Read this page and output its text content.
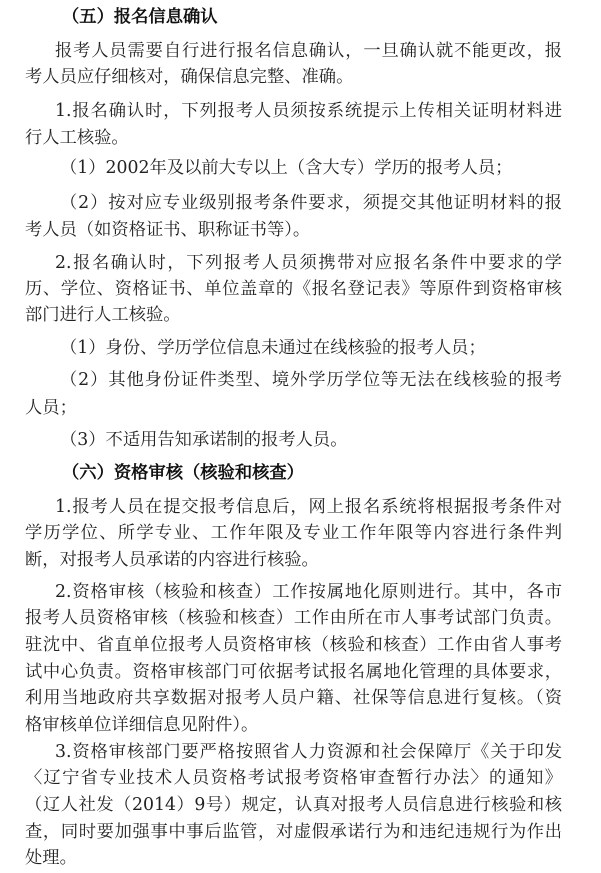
（五）报名信息确认
报考人员需要自行进行报名信息确认，一旦确认就不能更改，报
考人员应仔细核对，确保信息完整、准确。
1.报名确认时，下列报考人员须按系统提示上传相关证明材料进
行人工核验。
（1）2002年及以前大专以上（含大专）学历的报考人员；
（2）按对应专业级别报考条件要求，须提交其他证明材料的报
考人员（如资格证书、职称证书等）。
2.报名确认时，下列报考人员须携带对应报名条件中要求的学
历、学位、资格证书、单位盖章的《报名登记表》等原件到资格审核
部门进行人工核验。
（1）身份、学历学位信息未通过在线核验的报考人员；
（2）其他身份证件类型、境外学历学位等无法在线核验的报考
人员；
（3）不适用告知承诺制的报考人员。
（六）资格审核（核验和核查）
1.报考人员在提交报考信息后，网上报名系统将根据报考条件对
学历学位、所学专业、工作年限及专业工作年限等内容进行条件判
断，对报考人员承诺的内容进行核验。
2.资格审核（核验和核查）工作按属地化原则进行。其中，各市
报考人员资格审核（核验和核查）工作由所在市人事考试部门负责。
驻沈中、省直单位报考人员资格审核（核验和核查）工作由省人事考
试中心负责。资格审核部门可依据考试报名属地化管理的具体要求，
利用当地政府共享数据对报考人员户籍、社保等信息进行复核。（资
格审核单位详细信息见附件）。
3.资格审核部门要严格按照省人力资源和社会保障厅《关于印发
〈辽宁省专业技术人员资格考试报考资格审查暂行办法〉的通知》
（辽人社发（2014）9号）规定，认真对报考人员信息进行核验和核
查，同时要加强事中事后监管，对虚假承诺行为和违纪违规行为作出
处理。
